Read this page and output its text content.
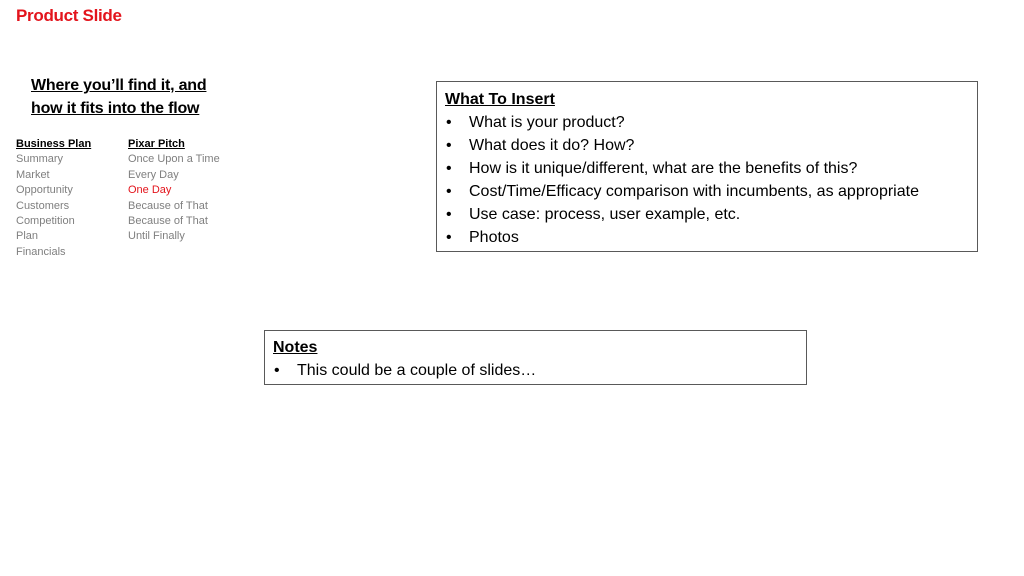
Product Slide
Where you’ll find it, and
how it fits into the flow
Business Plan
Summary
Market
Opportunity
Customers
Competition
Plan
Financials
Pixar Pitch
Once Upon a Time
Every Day
One Day
Because of That
Because of That
Until Finally
What To Insert
• What is your product?
• What does it do? How?
• How is it unique/different, what are the benefits of this?
• Cost/Time/Efficacy comparison with incumbents, as appropriate
• Use case: process, user example, etc.
• Photos
Notes
• This could be a couple of slides…
